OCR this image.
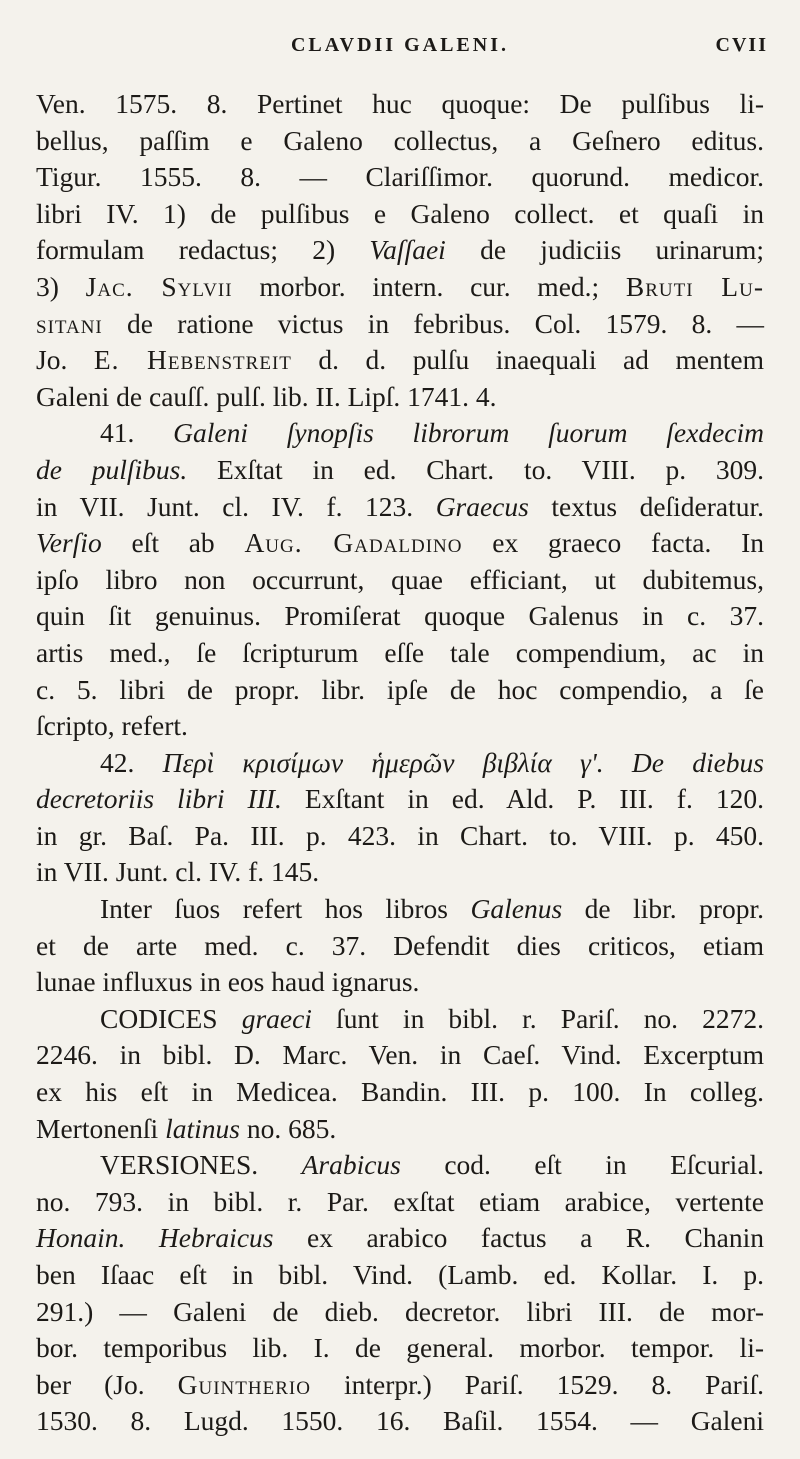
CLAVDII GALENI.	CVII
Ven. 1575. 8. Pertinet huc quoque: De pulſibus li-
bellus, paſſim e Galeno collectus, a Geſnero editus.
Tigur. 1555. 8. — Clariſſimor. quorund. medicor.
libri IV. 1) de pulſibus e Galeno collect. et quaſi in
formulam redactus; 2) Vaſſaei de judiciis urinarum;
3) Jac. Sylvii morbor. intern. cur. med.; Bruti Lu-
sitani de ratione victus in febribus. Col. 1579. 8. —
Jo. E. Hebenstreit d. d. pulſu inaequali ad mentem
Galeni de cauſſ. pulſ. lib. II. Lipſ. 1741. 4.
41. Galeni ſynopſis librorum ſuorum ſexdecim
de pulſibus. Exſtat in ed. Chart. to. VIII. p. 309.
in VII. Junt. cl. IV. f. 123. Graecus textus deſideratur.
Verſio eſt ab Aug. Gadaldino ex graeco facta. In
ipſo libro non occurrunt, quae efficiant, ut dubitemus,
quin ſit genuinus. Promiſerat quoque Galenus in c. 37.
artis med., ſe ſcripturum eſſe tale compendium, ac in
c. 5. libri de propr. libr. ipſe de hoc compendio, a ſe
ſcripto, refert.
42. Περὶ κρισίμων ἡμερῶν βιβλία γ'. De diebus
decretoriis libri III. Exſtant in ed. Ald. P. III. f. 120.
in gr. Baſ. Pa. III. p. 423. in Chart. to. VIII. p. 450.
in VII. Junt. cl. IV. f. 145.
Inter ſuos refert hos libros Galenus de libr. propr.
et de arte med. c. 37. Defendit dies criticos, etiam
lunae influxus in eos haud ignarus.
CODICES graeci ſunt in bibl. r. Pariſ. no. 2272.
2246. in bibl. D. Marc. Ven. in Caeſ. Vind. Excerptum
ex his eſt in Medicea. Bandin. III. p. 100. In colleg.
Mertonenſi latinus no. 685.
VERSIONES. Arabicus cod. eſt in Eſcurial.
no. 793. in bibl. r. Par. exſtat etiam arabice, vertente
Honain. Hebraicus ex arabico factus a R. Chanin
ben Iſaac eſt in bibl. Vind. (Lamb. ed. Kollar. I. p.
291.) — Galeni de dieb. decretor. libri III. de mor-
bor. temporibus lib. I. de general. morbor. tempor. li-
ber (Jo. Guintherio interpr.) Pariſ. 1529. 8. Pariſ.
1530. 8. Lugd. 1550. 16. Baſil. 1554. — Galeni
